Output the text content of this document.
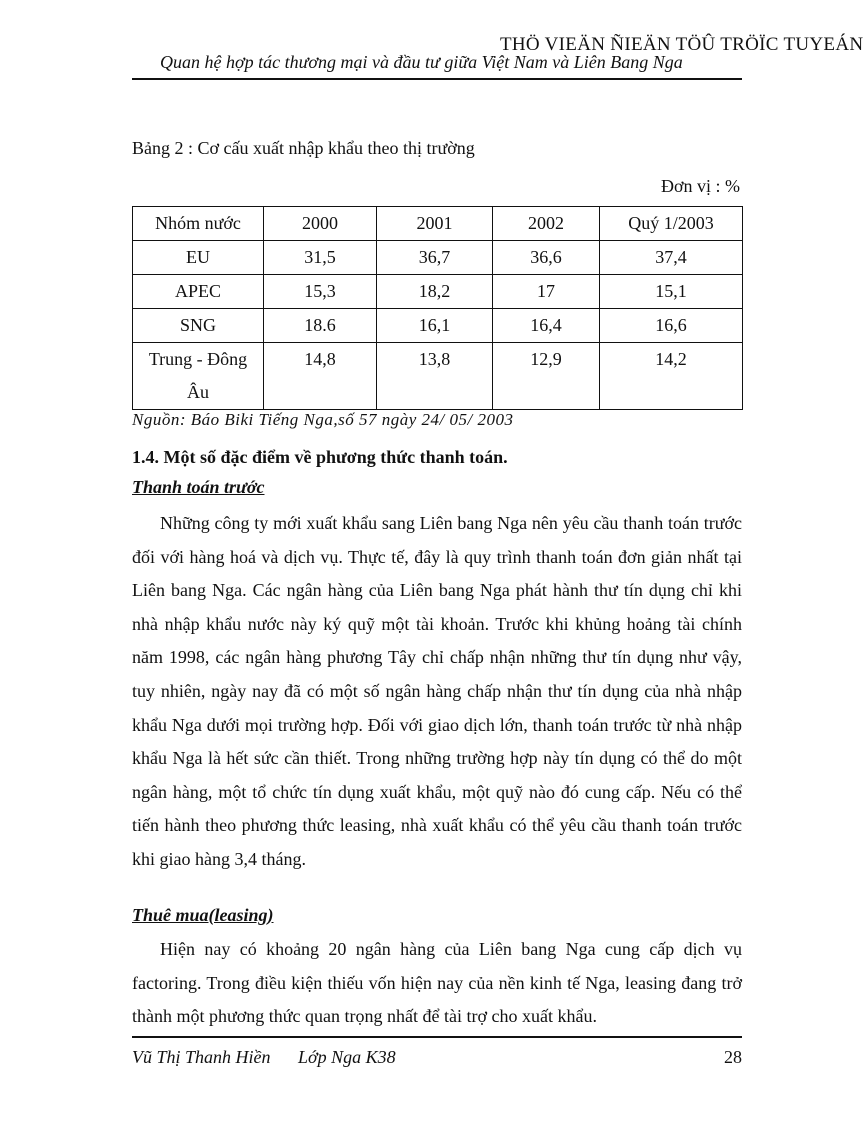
THÖ VIEÄN ÑIEÄN TÖÛ TRÖÏC TUYEÁN
Quan hệ hợp tác thương mại và đầu tư giữa Việt Nam và Liên Bang Nga
Bảng 2 : Cơ cấu xuất nhập khẩu theo thị trường
Đơn vị : %
Nhóm nước	2000	2001	2002	Quý 1/2003
EU	31,5	36,7	36,6	37,4
APEC	15,3	18,2	17	15,1
SNG	18.6	16,1	16,4	16,6
Trung - Đông Âu	14,8	13,8	12,9	14,2
Nguồn: Báo Biki Tiếng Nga,số 57 ngày 24/ 05/ 2003
1.4. Một số đặc điểm về phương thức thanh toán.
Thanh toán trước
Những công ty mới xuất khẩu sang Liên bang Nga nên yêu cầu thanh toán trước đối với hàng hoá và dịch vụ. Thực tế, đây là quy trình thanh toán đơn giản nhất tại Liên bang Nga. Các ngân hàng của Liên bang Nga phát hành thư tín dụng chỉ khi nhà nhập khẩu nước này ký quỹ một tài khoản. Trước khi khủng hoảng tài chính năm 1998, các ngân hàng phương Tây chỉ chấp nhận những thư tín dụng như vậy, tuy nhiên, ngày nay đã có một số ngân hàng chấp nhận thư tín dụng của nhà nhập khẩu Nga dưới mọi trường hợp. Đối với giao dịch lớn, thanh toán trước từ nhà nhập khẩu Nga là hết sức cần thiết. Trong những trường hợp này tín dụng có thể do một ngân hàng, một tổ chức tín dụng xuất khẩu, một quỹ nào đó cung cấp. Nếu có thể tiến hành theo phương thức leasing, nhà xuất khẩu có thể yêu cầu thanh toán trước khi giao hàng 3,4 tháng.
Thuê mua(leasing)
Hiện nay có khoảng 20 ngân hàng của Liên bang Nga cung cấp dịch vụ factoring. Trong điều kiện thiếu vốn hiện nay của nền kinh tế Nga, leasing đang trở thành một phương thức quan trọng nhất để tài trợ cho xuất khẩu.
Vũ Thị Thanh Hiền Lớp Nga K38	28
